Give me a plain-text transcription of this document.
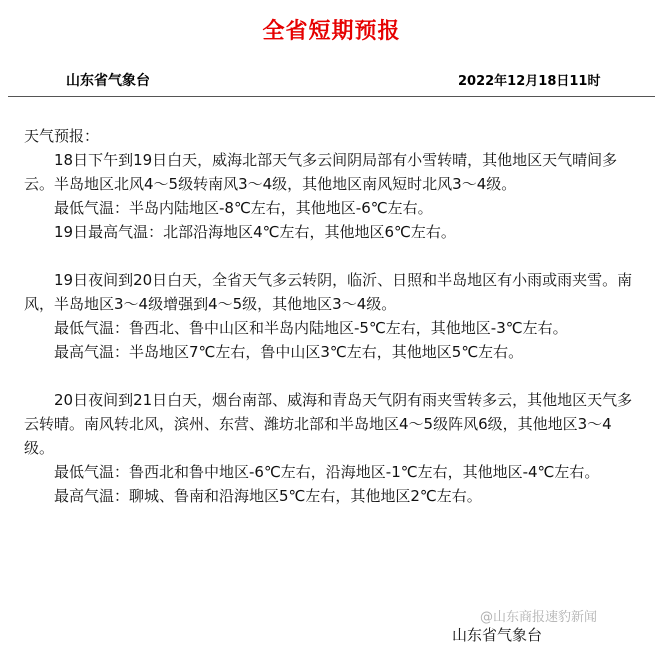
全省短期预报
山东省气象台	2022年12月18日11时

天气预报：

18日下午到19日白天，威海北部天气多云间阴局部有小雪转晴，其他地区天气晴间多云。半岛地区北风4～5级转南风3～4级，其他地区南风短时北风3～4级。

最低气温：半岛内陆地区-8℃左右，其他地区-6℃左右。

19日最高气温：北部沿海地区4℃左右，其他地区6℃左右。

19日夜间到20日白天，全省天气多云转阴，临沂、日照和半岛地区有小雨或雨夹雪。南风，半岛地区3～4级增强到4～5级，其他地区3～4级。

最低气温：鲁西北、鲁中山区和半岛内陆地区-5℃左右，其他地区-3℃左右。

最高气温：半岛地区7℃左右，鲁中山区3℃左右，其他地区5℃左右。

20日夜间到21日白天，烟台南部、威海和青岛天气阴有雨夹雪转多云，其他地区天气多云转晴。南风转北风，滨州、东营、潍坊北部和半岛地区4～5级阵风6级，其他地区3～4级。

最低气温：鲁西北和鲁中地区-6℃左右，沿海地区-1℃左右，其他地区-4℃左右。

最高气温：聊城、鲁南和沿海地区5℃左右，其他地区2℃左右。

@山东商报速豹新闻
山东省气象台
